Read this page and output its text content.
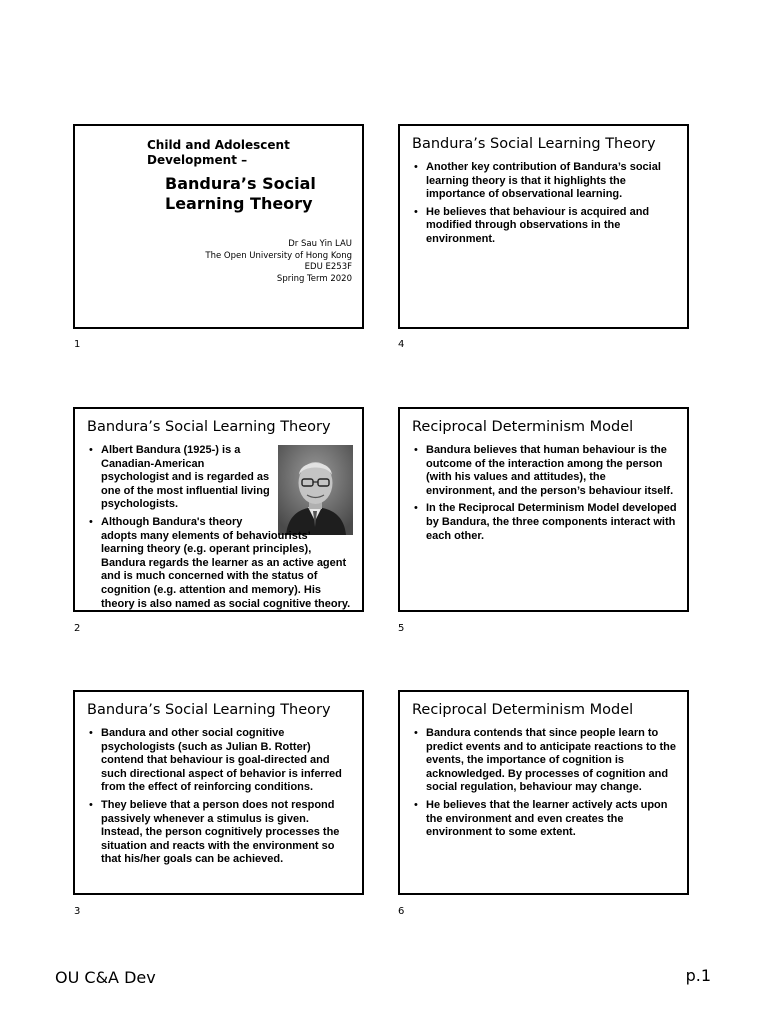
Child and Adolescent
Development –
Bandura’s Social
Learning Theory
Dr Sau Yin LAU
The Open University of Hong Kong
EDU E253F
Spring Term 2020
1
Bandura’s Social Learning Theory
• Albert Bandura (1925-) is a Canadian-American psychologist and is regarded as one of the most influential living psychologists.
• Although Bandura's theory adopts many elements of behaviourists’ learning theory (e.g. operant principles), Bandura regards the learner as an active agent and is much concerned with the status of cognition (e.g. attention and memory). His theory is also named as social cognitive theory.
2
Bandura’s Social Learning Theory
• Bandura and other social cognitive psychologists (such as Julian B. Rotter) contend that behaviour is goal-directed and such directional aspect of behavior is inferred from the effect of reinforcing conditions.
• They believe that a person does not respond passively whenever a stimulus is given. Instead, the person cognitively processes the situation and reacts with the environment so that his/her goals can be achieved.
3
Bandura’s Social Learning Theory
• Another key contribution of Bandura’s social learning theory is that it highlights the importance of observational learning.
• He believes that behaviour is acquired and modified through observations in the environment.
4
Reciprocal Determinism Model
• Bandura believes that human behaviour is the outcome of the interaction among the person (with his values and attitudes), the environment, and the person’s behaviour itself.
• In the Reciprocal Determinism Model developed by Bandura, the three components interact with each other.
5
Reciprocal Determinism Model
• Bandura contends that since people learn to predict events and to anticipate reactions to the events, the importance of cognition is acknowledged. By processes of cognition and social regulation, behaviour may change.
• He believes that the learner actively acts upon the environment and even creates the environment to some extent.
6
OU C&A Dev	p.1
